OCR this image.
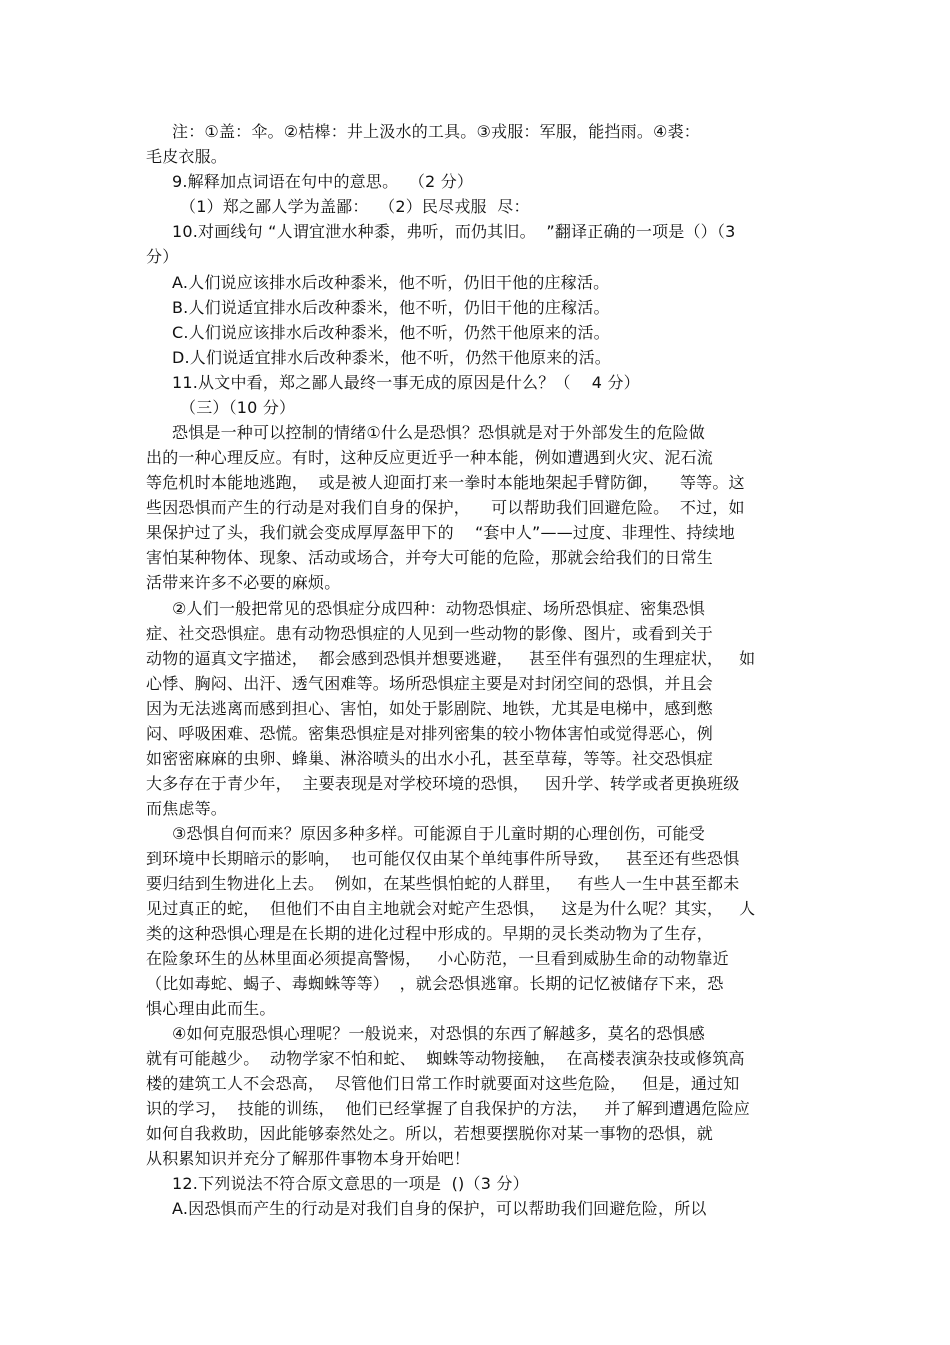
注：①盖：伞。②桔槔：井上汲水的工具。③戎服：军服，能挡雨。④裘：
毛皮衣服。
9.解释加点词语在句中的意思。  （2 分）
（1）郑之鄙人学为盖鄙：  （2）民尽戎服  尽：
10.对画线句 “人谓宜泄水种黍，弗听，而仍其旧。  ”翻译正确的一项是（）（3
分）
A.人们说应该排水后改种黍米，他不听，仍旧干他的庄稼活。
B.人们说适宜排水后改种黍米，他不听，仍旧干他的庄稼活。
C.人们说应该排水后改种黍米，他不听，仍然干他原来的活。
D.人们说适宜排水后改种黍米，他不听，仍然干他原来的活。
11.从文中看，郑之鄙人最终一事无成的原因是什么？（    4 分）
（三）（10 分）
恐惧是一种可以控制的情绪①什么是恐惧？恐惧就是对于外部发生的危险做
出的一种心理反应。有时，这种反应更近乎一种本能，例如遭遇到火灾、泥石流
等危机时本能地逃跑，  或是被人迎面打来一拳时本能地架起手臂防御，    等等。这
些因恐惧而产生的行动是对我们自身的保护，    可以帮助我们回避危险。  不过，如
果保护过了头，我们就会变成厚厚盔甲下的    “套中人”——过度、非理性、持续地
害怕某种物体、现象、活动或场合，并夸大可能的危险，那就会给我们的日常生
活带来许多不必要的麻烦。
②人们一般把常见的恐惧症分成四种：动物恐惧症、场所恐惧症、密集恐惧
症、社交恐惧症。患有动物恐惧症的人见到一些动物的影像、图片，或看到关于
动物的逼真文字描述，  都会感到恐惧并想要逃避，   甚至伴有强烈的生理症状，   如
心悸、胸闷、出汗、透气困难等。场所恐惧症主要是对封闭空间的恐惧，并且会
因为无法逃离而感到担心、害怕，如处于影剧院、地铁，尤其是电梯中，感到憋
闷、呼吸困难、恐慌。密集恐惧症是对排列密集的较小物体害怕或觉得恶心，例
如密密麻麻的虫卵、蜂巢、淋浴喷头的出水小孔，甚至草莓，等等。社交恐惧症
大多存在于青少年，  主要表现是对学校环境的恐惧，   因升学、转学或者更换班级
而焦虑等。
③恐惧自何而来？原因多种多样。可能源自于儿童时期的心理创伤，可能受
到环境中长期暗示的影响，  也可能仅仅由某个单纯事件所导致，   甚至还有些恐惧
要归结到生物进化上去。  例如，在某些惧怕蛇的人群里，   有些人一生中甚至都未
见过真正的蛇，  但他们不由自主地就会对蛇产生恐惧，   这是为什么呢？其实，   人
类的这种恐惧心理是在长期的进化过程中形成的。早期的灵长类动物为了生存，
在险象环生的丛林里面必须提高警惕，   小心防范，一旦看到威胁生命的动物靠近
（比如毒蛇、蝎子、毒蜘蛛等等）  ，就会恐惧逃窜。长期的记忆被储存下来，恐
惧心理由此而生。
④如何克服恐惧心理呢？一般说来，对恐惧的东西了解越多，莫名的恐惧感
就有可能越少。  动物学家不怕和蛇、  蜘蛛等动物接触，  在高楼表演杂技或修筑高
楼的建筑工人不会恐高，  尽管他们日常工作时就要面对这些危险，   但是，通过知
识的学习，  技能的训练，  他们已经掌握了自我保护的方法，   并了解到遭遇危险应
如何自我救助，因此能够泰然处之。所以，若想要摆脱你对某一事物的恐惧，就
从积累知识并充分了解那件事物本身开始吧！
12.下列说法不符合原文意思的一项是  ()（3 分）
A.因恐惧而产生的行动是对我们自身的保护，可以帮助我们回避危险，所以
